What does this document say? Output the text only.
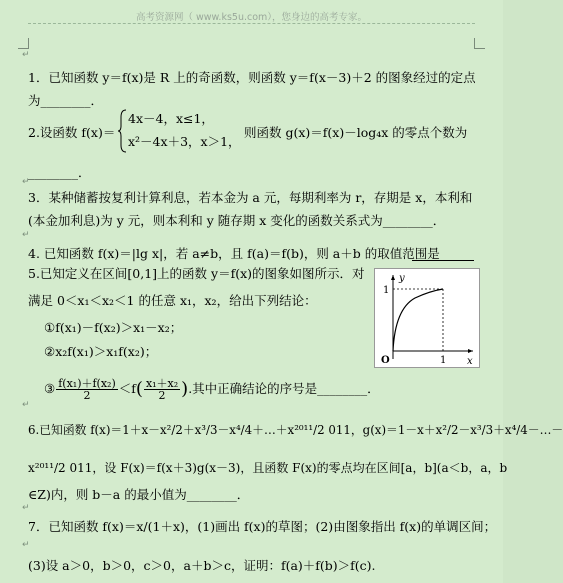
高考资源网（ www.ks5u.com），您身边的高考专家。
1．已知函数 y＝f(x)是 R 上的奇函数，则函数 y＝f(x－3)＋2 的图象经过的定点
为________．
2.设函数 f(x)＝
4x－4，x≤1，
x²－4x＋3，x＞1，
则函数 g(x)＝f(x)－log₄x 的零点个数为
________．
3．某种储蓄按复利计算利息，若本金为 a 元，每期利率为 r，存期是 x，本利和
(本金加利息)为 y 元，则本利和 y 随存期 x 变化的函数关系式为________．
4. 已知函数 f(x)＝|lg x|，若 a≠b，且 f(a)＝f(b)，则 a＋b 的取值范围是
5.已知定义在区间[0,1]上的函数 y＝f(x)的图象如图所示．对
满足 0＜x₁＜x₂＜1 的任意 x₁，x₂，给出下列结论：
①f(x₁)－f(x₂)＞x₁－x₂；
②x₂f(x₁)＞x₁f(x₂)；
③ $\frac{\text{f(x₁)＋f(x₂)}}{2} <f( \frac{\text{x₁＋x₂}}{2}$ ).其中正确结论的序号是________．
y
x
O
1
1
6.已知函数 f(x)＝1＋x－x²/2＋x³/3－x⁴/4＋…＋x²⁰¹¹/2 011，g(x)＝1－x＋x²/2－x³/3＋x⁴/4－…－
x²⁰¹¹/2 011，设 F(x)＝f(x＋3)g(x－3)，且函数 F(x)的零点均在区间[a，b](a＜b，a，b
∈Z)内，则 b－a 的最小值为________．
7．已知函数 f(x)＝x/(1＋x)，(1)画出 f(x)的草图；(2)由图象指出 f(x)的单调区间；
(3)设 a＞0，b＞0，c＞0，a＋b＞c，证明：f(a)＋f(b)＞f(c).
↵
↵
↵
↵
↵
↵
